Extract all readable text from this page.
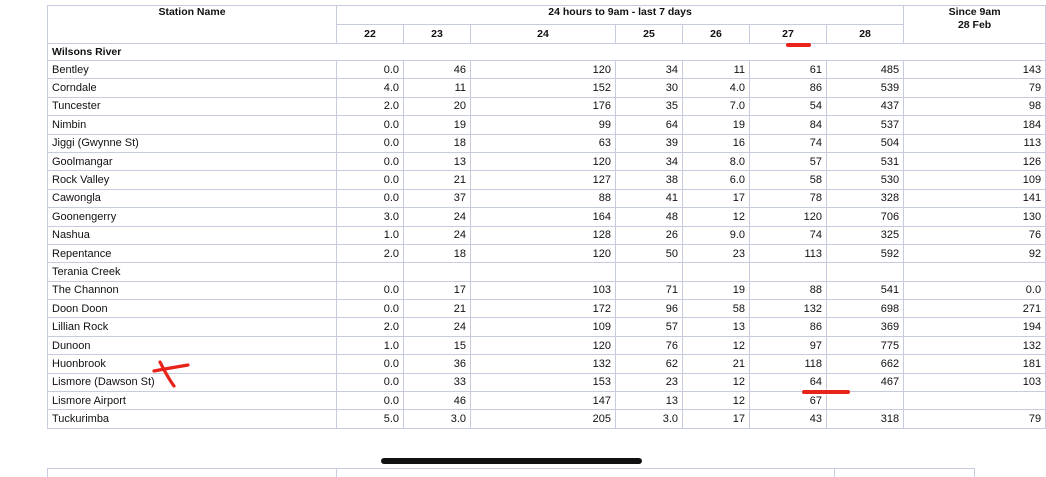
Station Name	24 hours to 9am - last 7 days							Since 9am
28 Feb
	22	23	24	25	26	27	28	
Wilsons River								
Bentley	0.0	46	120	34	11	61	485	143
Corndale	4.0	11	152	30	4.0	86	539	79
Tuncester	2.0	20	176	35	7.0	54	437	98
Nimbin	0.0	19	99	64	19	84	537	184
Jiggi (Gwynne St)	0.0	18	63	39	16	74	504	113
Goolmangar	0.0	13	120	34	8.0	57	531	126
Rock Valley	0.0	21	127	38	6.0	58	530	109
Cawongla	0.0	37	88	41	17	78	328	141
Goonengerry	3.0	24	164	48	12	120	706	130
Nashua	1.0	24	128	26	9.0	74	325	76
Repentance	2.0	18	120	50	23	113	592	92
Terania Creek								
The Channon	0.0	17	103	71	19	88	541	0.0
Doon Doon	0.0	21	172	96	58	132	698	271
Lillian Rock	2.0	24	109	57	13	86	369	194
Dunoon	1.0	15	120	76	12	97	775	132
Huonbrook	0.0	36	132	62	21	118	662	181
Lismore (Dawson St)	0.0	33	153	23	12	64	467	103
Lismore Airport	0.0	46	147	13	12	67		
Tuckurimba	5.0	3.0	205	3.0	17	43	318	79
